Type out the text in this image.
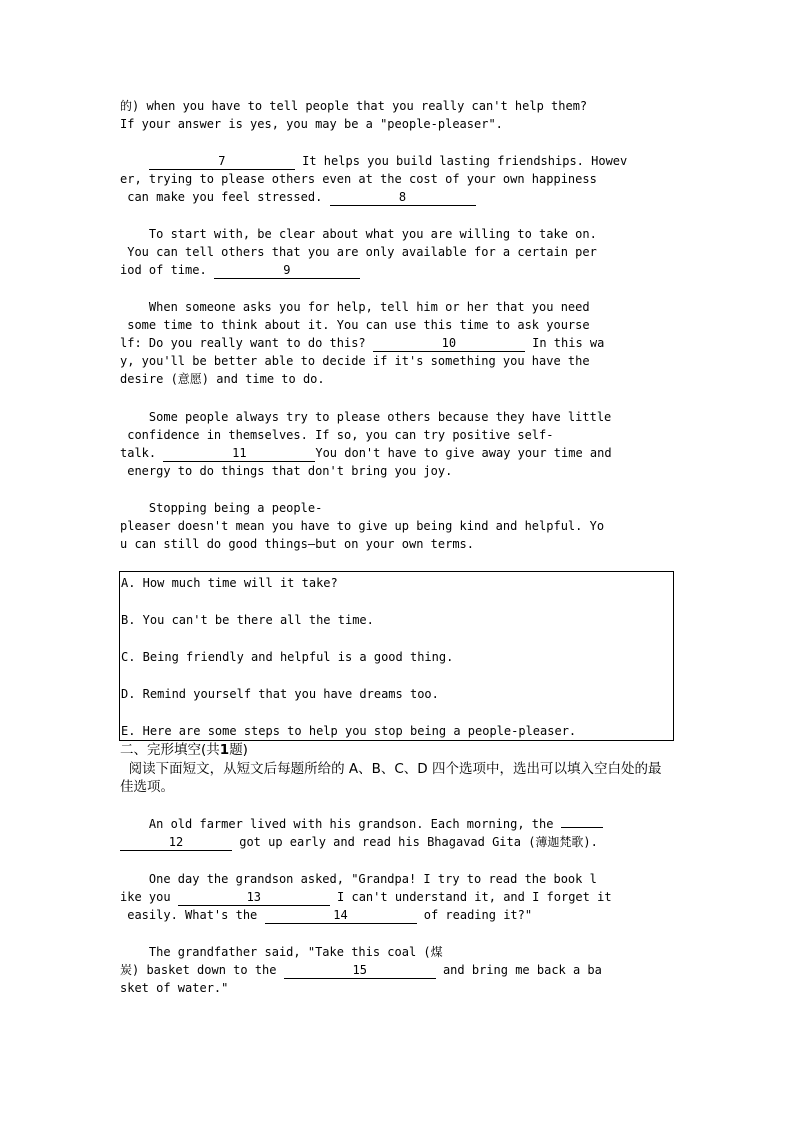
的) when you have to tell people that you really can't help them?
If your answer is yes, you may be a "people-pleaser".
7	It helps you build lasting friendships. Howev
er, trying to please others even at the cost of your own happiness
can make you feel stressed.	8
To start with, be clear about what you are willing to take on.
You can tell others that you are only available for a certain per
iod of time.	9
When someone asks you for help, tell him or her that you need
some time to think about it. You can use this time to ask yourse
lf: Do you really want to do this?	10	In this wa
y, you'll be better able to decide if it's something you have the
desire (意愿) and time to do.
Some people always try to please others because they have little
confidence in themselves. If so, you can try positive self-
talk.	11	You don't have to give away your time and
energy to do things that don't bring you joy.
Stopping being a people-
pleaser doesn't mean you have to give up being kind and helpful. Yo
u can still do good things—but on your own terms.
A. How much time will it take?
B. You can't be there all the time.
C. Being friendly and helpful is a good thing.
D. Remind yourself that you have dreams too.
E. Here are some steps to help you stop being a people-pleaser.
二、完形填空(共1题)
阅读下面短文，从短文后每题所给的 A、B、C、D 四个选项中，选出可以填入空白处的最
佳选项。
An old farmer lived with his grandson. Each morning, the
12	got up early and read his Bhagavad Gita (薄迦梵歌).
One day the grandson asked, "Grandpa! I try to read the book l
ike you	13	I can't understand it, and I forget it
easily. What's the	14	of reading it?"
The grandfather said, "Take this coal (煤
炭) basket down to the	15	and bring me back a ba
sket of water."
